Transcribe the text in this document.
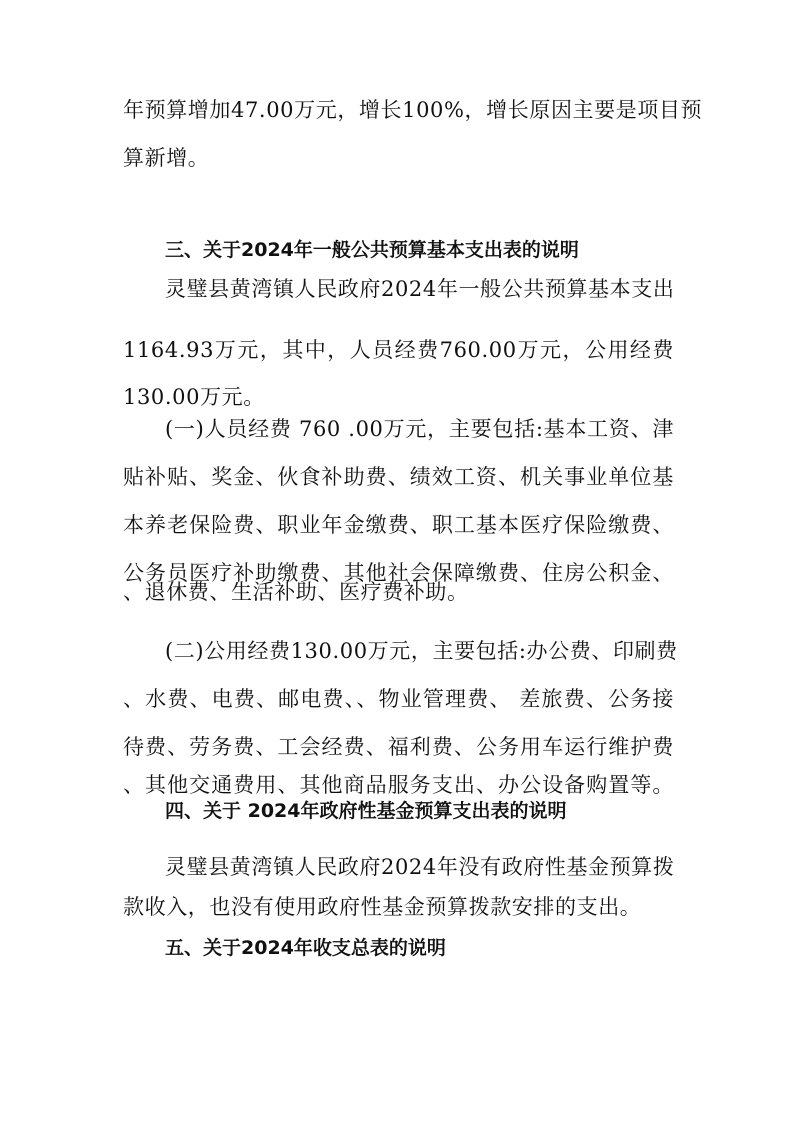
年预算增加47.00万元，增长100%，增长原因主要是项目预
算新增。
三、关于2024年一般公共预算基本支出表的说明
灵璧县黄湾镇人民政府2024年一般公共预算基本支出
1164.93万元，其中，人员经费760.00万元，公用经费
130.00万元。
(一)人员经费 760 .00万元，主要包括:基本工资、津
贴补贴、奖金、伙食补助费、绩效工资、机关事业单位基
本养老保险费、职业年金缴费、职工基本医疗保险缴费、
公务员医疗补助缴费、其他社会保障缴费、住房公积金、
、退休费、生活补助、医疗费补助。
(二)公用经费130.00万元，主要包括:办公费、印刷费
、水费、电费、邮电费、、物业管理费、 差旅费、公务接
待费、劳务费、工会经费、福利费、公务用车运行维护费
、其他交通费用、其他商品服务支出、办公设备购置等。
四、关于 2024年政府性基金预算支出表的说明
灵璧县黄湾镇人民政府2024年没有政府性基金预算拨
款收入，也没有使用政府性基金预算拨款安排的支出。
五、关于2024年收支总表的说明
